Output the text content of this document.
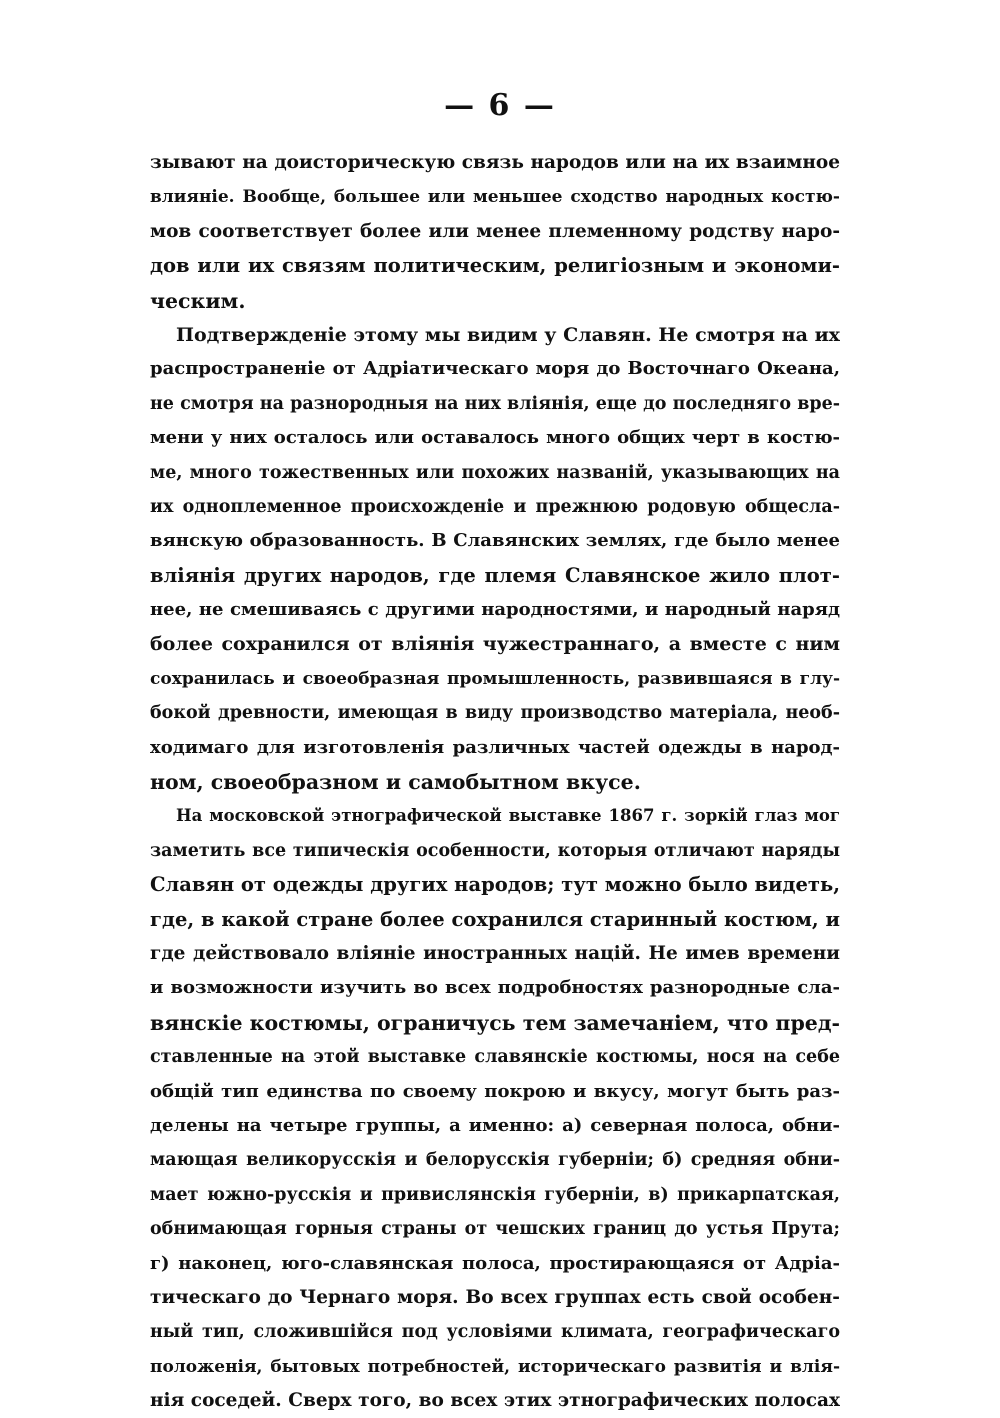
— 6 —
зывают на доисторическую связь народов или на их взаимное
влияніе. Вообще, большее или меньшее сходство народных костю-
мов соответствует более или менее племенному родству наро-
дов или их связям политическим, религіозным и экономи-
ческим.
Подтвержденіе этому мы видим у Славян. Не смотря на их
распространеніе от Адріатическаго моря до Восточнаго Океана,
не смотря на разнородныя на них вліянія, еще до последняго вре-
мени у них осталось или оставалось много общих черт в костю-
ме, много тожественных или похожих названій, указывающих на
их одноплеменное происхожденіе и прежнюю родовую общесла-
вянскую образованность. В Славянских землях, где было менее
вліянія других народов, где племя Славянское жило плот-
нее, не смешиваясь с другими народностями, и народный наряд
более сохранился от вліянія чужестраннаго, а вместе с ним
сохранилась и своеобразная промышленность, развившаяся в глу-
бокой древности, имеющая в виду производство матеріала, необ-
ходимаго для изготовленія различных частей одежды в народ-
ном, своеобразном и самобытном вкусе.
На московской этнографической выставке 1867 г. зоркій глаз мог
заметить все типическія особенности, которыя отличают наряды
Славян от одежды других народов; тут можно было видеть,
где, в какой стране более сохранился старинный костюм, и
где действовало вліяніе иностранных націй. Не имев времени
и возможности изучить во всех подробностях разнородные сла-
вянскіе костюмы, ограничусь тем замечаніем, что пред-
ставленные на этой выставке славянскіе костюмы, нося на себе
общій тип единства по своему покрою и вкусу, могут быть раз-
делены на четыре группы, а именно: а) северная полоса, обни-
мающая великорусскія и белорусскія губерніи; б) средняя обни-
мает южно-русскія и привислянскія губерніи, в) прикарпатская,
обнимающая горныя страны от чешских границ до устья Прута;
г) наконец, юго-славянская полоса, простирающаяся от Адріа-
тическаго до Чернаго моря. Во всех группах есть свой особен-
ный тип, сложившійся под условіями климата, географическаго
положенія, бытовых потребностей, историческаго развитія и влія-
нія соседей. Сверх того, во всех этих этнографических полосах
